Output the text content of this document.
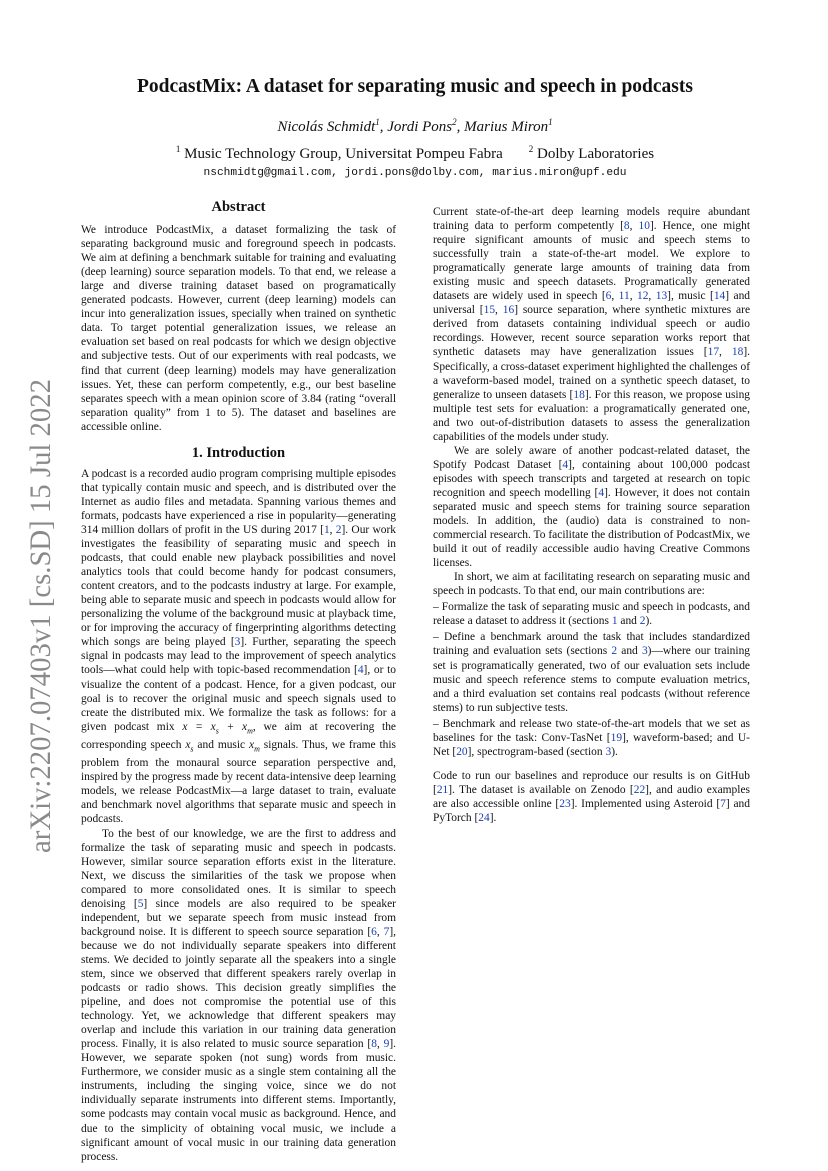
arXiv:2207.07403v1 [cs.SD] 15 Jul 2022
PodcastMix: A dataset for separating music and speech in podcasts
Nicolás Schmidt$^1$, Jordi Pons$^2$, Marius Miron$^1$
$^1$ Music Technology Group, Universitat Pompeu Fabra	$^2$ Dolby Laboratories
nschmidtg@gmail.com, jordi.pons@dolby.com, marius.miron@upf.edu
Abstract

We introduce PodcastMix, a dataset formalizing the task of separating background music and foreground speech in podcasts. We aim at defining a benchmark suitable for training and evaluating (deep learning) source separation models. To that end, we release a large and diverse training dataset based on programatically generated podcasts. However, current (deep learning) models can incur into generalization issues, specially when trained on synthetic data. To target potential generalization issues, we release an evaluation set based on real podcasts for which we design objective and subjective tests. Out of our experiments with real podcasts, we find that current (deep learning) models may have generalization issues. Yet, these can perform competently, e.g., our best baseline separates speech with a mean opinion score of 3.84 (rating “overall separation quality” from 1 to 5). The dataset and baselines are accessible online.

1. Introduction

A podcast is a recorded audio program comprising multiple episodes that typically contain music and speech, and is distributed over the Internet as audio files and metadata. Spanning various themes and formats, podcasts have experienced a rise in popularity—generating 314 million dollars of profit in the US during 2017 [1, 2]. Our work investigates the feasibility of separating music and speech in podcasts, that could enable new playback possibilities and novel analytics tools that could become handy for podcast consumers, content creators, and to the podcasts industry at large. For example, being able to separate music and speech in podcasts would allow for personalizing the volume of the background music at playback time, or for improving the accuracy of fingerprinting algorithms detecting which songs are being played [3]. Further, separating the speech signal in podcasts may lead to the improvement of speech analytics tools—what could help with topic-based recommendation [4], or to visualize the content of a podcast. Hence, for a given podcast, our goal is to recover the original music and speech signals used to create the distributed mix. We formalize the task as follows: for a given podcast mix $x = x_s + x_m$, we aim at recovering the corresponding speech $x_s$ and music $x_m$ signals. Thus, we frame this problem from the monaural source separation perspective and, inspired by the progress made by recent data-intensive deep learning models, we release PodcastMix—a large dataset to train, evaluate and benchmark novel algorithms that separate music and speech in podcasts.

To the best of our knowledge, we are the first to address and formalize the task of separating music and speech in podcasts. However, similar source separation efforts exist in the literature. Next, we discuss the similarities of the task we propose when compared to more consolidated ones. It is similar to speech denoising [5] since models are also required to be speaker independent, but we separate speech from music instead from background noise. It is different to speech source separation [6, 7], because we do not individually separate speakers into different stems. We decided to jointly separate all the speakers into a single stem, since we observed that different speakers rarely overlap in podcasts or radio shows. This decision greatly simplifies the pipeline, and does not compromise the potential use of this technology. Yet, we acknowledge that different speakers may overlap and include this variation in our training data generation process. Finally, it is also related to music source separation [8, 9]. However, we separate spoken (not sung) words from music. Furthermore, we consider music as a single stem containing all the instruments, including the singing voice, since we do not individually separate instruments into different stems. Importantly, some podcasts may contain vocal music as background. Hence, and due to the simplicity of obtaining vocal music, we include a significant amount of vocal music in our training data generation process.

Current state-of-the-art deep learning models require abundant training data to perform competently [8, 10]. Hence, one might require significant amounts of music and speech stems to successfully train a state-of-the-art model. We explore to programatically generate large amounts of training data from existing music and speech datasets. Programatically generated datasets are widely used in speech [6, 11, 12, 13], music [14] and universal [15, 16] source separation, where synthetic mixtures are derived from datasets containing individual speech or audio recordings. However, recent source separation works report that synthetic datasets may have generalization issues [17, 18]. Specifically, a cross-dataset experiment highlighted the challenges of a waveform-based model, trained on a synthetic speech dataset, to generalize to unseen datasets [18]. For this reason, we propose using multiple test sets for evaluation: a programatically generated one, and two out-of-distribution datasets to assess the generalization capabilities of the models under study.

We are solely aware of another podcast-related dataset, the Spotify Podcast Dataset [4], containing about 100,000 podcast episodes with speech transcripts and targeted at research on topic recognition and speech modelling [4]. However, it does not contain separated music and speech stems for training source separation models. In addition, the (audio) data is constrained to non-commercial research. To facilitate the distribution of PodcastMix, we build it out of readily accessible audio having Creative Commons licenses.

In short, we aim at facilitating research on separating music and speech in podcasts. To that end, our main contributions are:

– Formalize the task of separating music and speech in podcasts, and release a dataset to address it (sections 1 and 2).

– Define a benchmark around the task that includes standardized training and evaluation sets (sections 2 and 3)—where our training set is programatically generated, two of our evaluation sets include music and speech reference stems to compute evaluation metrics, and a third evaluation set contains real podcasts (without reference stems) to run subjective tests.

– Benchmark and release two state-of-the-art models that we set as baselines for the task: Conv-TasNet [19], waveform-based; and U-Net [20], spectrogram-based (section 3).

Code to run our baselines and reproduce our results is on GitHub [21]. The dataset is available on Zenodo [22], and audio examples are also accessible online [23]. Implemented using Asteroid [7] and PyTorch [24].
